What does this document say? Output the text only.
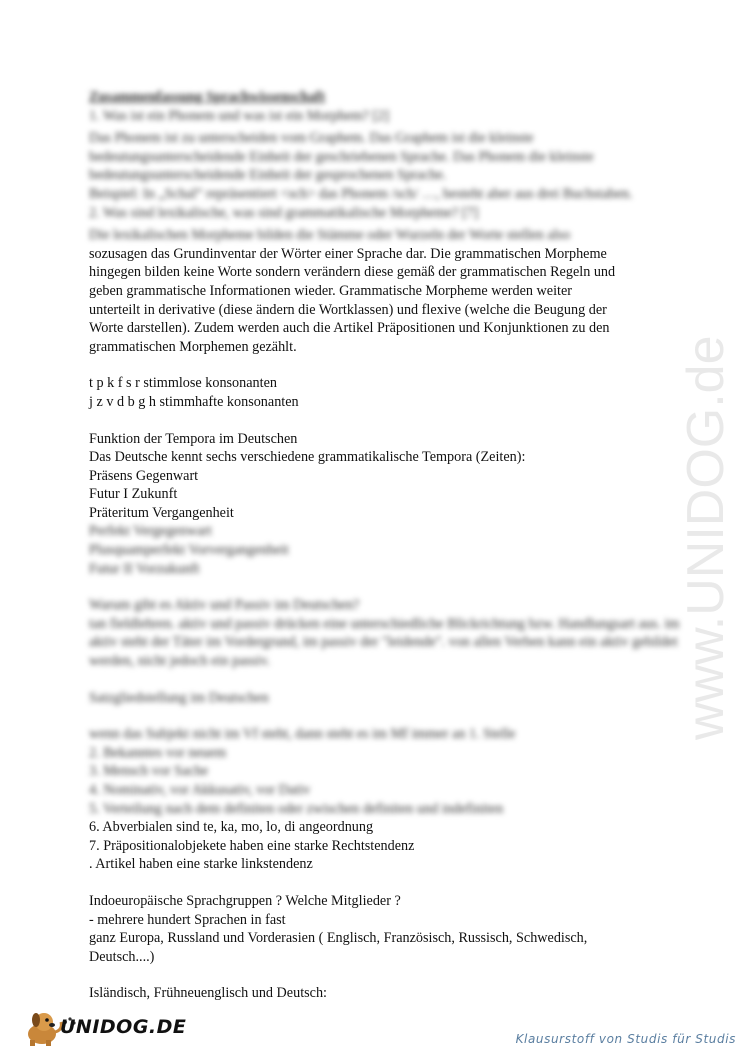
Zusammenfassung Sprachwissenschaft
1. Was ist ein Phonem und was ist ein Morphem? [2]
Das Phonem ist zu unterscheiden vom Graphem. Das Graphem ist die kleinste bedeutungsunterscheidende Einheit der geschriebenen Sprache. Das Phonem die kleinste bedeutungsunterscheidende Einheit der gesprochenen Sprache.
Beispiel: In „Schal“ repräsentiert <sch> das Phonem /sch/ …, besteht aber aus drei Buchstaben.
2. Was sind lexikalische, was sind grammatikalische Morpheme? [7]
Die lexikalischen Morpheme bilden die Stämme oder Wurzeln der Worte stellen also
sozusagen das Grundinventar der Wörter einer Sprache dar. Die grammatischen Morpheme
hingegen bilden keine Worte sondern verändern diese gemäß der grammatischen Regeln und
geben grammatische Informationen wieder. Grammatische Morpheme werden weiter
unterteilt in derivative (diese ändern die Wortklassen) und flexive (welche die Beugung der
Worte darstellen). Zudem werden auch die Artikel Präpositionen und Konjunktionen zu den
grammatischen Morphemen gezählt.
t p k f s r stimmlose konsonanten
j z v d b g h stimmhafte konsonanten
Funktion der Tempora im Deutschen
Das Deutsche kennt sechs verschiedene grammatikalische Tempora (Zeiten):
Präsens Gegenwart
Futur I Zukunft
Präteritum Vergangenheit
Perfekt Vergegenwart
Plusquamperfekt Vorvergangenheit
Futur II Vorzukunft
Warum gibt es Aktiv und Passiv im Deutschen?
tan fieldlehren. aktiv und passiv drücken eine unterschiedliche Blickrichtung bzw. Handlungsart aus. im aktiv steht der Täter im Vordergrund, im passiv der "leidende". von allen Verben kann ein aktiv gebildet werden, nicht jedoch ein passiv.
Satzgliedstellung im Deutschen
wenn das Subjekt nicht im Vf steht, dann steht es im Mf immer an 1. Stelle
2. Bekanntes vor neuem
3. Mensch vor Sache
4. Nominativ, vor Akkusativ, vor Dativ
5. Verteilung nach dem definiten oder zwischen definiten und indefiniten
6. Abverbialen sind te, ka, mo, lo, di angeordnung
7. Präpositionalobjekete haben eine starke Rechtstendenz
. Artikel haben eine starke linkstendenz
Indoeuropäische Sprachgruppen ? Welche Mitglieder ?
- mehrere hundert Sprachen in fast
ganz Europa, Russland und Vorderasien ( Englisch, Französisch, Russisch, Schwedisch,
Deutsch....)
Isländisch, Frühneuenglisch und Deutsch:
www.UNIDOG.de
UNIDOG.DE
Klausurstoff von Studis für Studis
